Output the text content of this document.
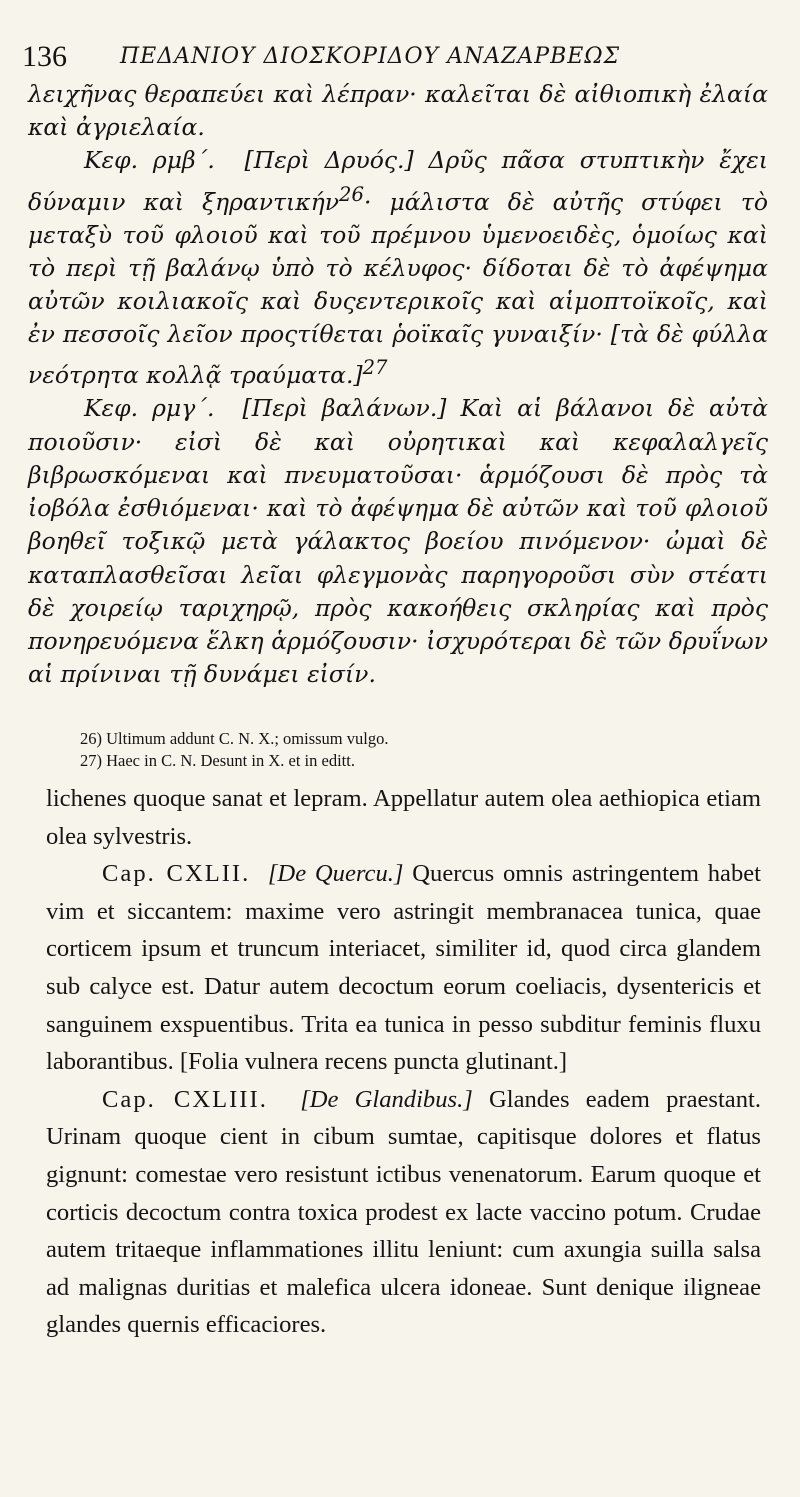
136 ΠΕΔΑΝΙΟΥ ΔΙΟΣΚΟΡΙΔΟΥ ΑΝΑΖΑΡΒΕΩΣ

λειχῆνας θεραπεύει καὶ λέπραν· καλεῖται δὲ αἰθιοπικὴ ἐλαία καὶ ἀγριελαία.

Κεφ. ρμβ΄. [Περὶ Δρυός.] Δρῦς πᾶσα στυπτικὴν ἔχει δύναμιν καὶ ξηραντικήν$^{26}$· μάλιστα δὲ αὐτῆς στύφει τὸ μεταξὺ τοῦ φλοιοῦ καὶ τοῦ πρέμνου ὑμενοειδὲς, ὁμοίως καὶ τὸ περὶ τῇ βαλάνῳ ὑπὸ τὸ κέλυφος· δίδοται δὲ τὸ ἀφέψημα αὐτῶν κοιλιακοῖς καὶ δυςεντερικοῖς καὶ αἱμοπτοϊκοῖς, καὶ ἐν πεσσοῖς λεῖον προςτίθεται ῥοϊκαῖς γυναιξίν· [τὰ δὲ φύλλα νεότρητα κολλᾷ τραύματα.]$^{27}$

Κεφ. ρμγ΄. [Περὶ βαλάνων.] Καὶ αἱ βάλανοι δὲ αὐτὰ ποιοῦσιν· εἰσὶ δὲ καὶ οὐρητικαὶ καὶ κεφαλαλγεῖς βιβρωσκόμεναι καὶ πνευματοῦσαι· ἁρμόζουσι δὲ πρὸς τὰ ἰοβόλα ἐσθιόμεναι· καὶ τὸ ἀφέψημα δὲ αὐτῶν καὶ τοῦ φλοιοῦ βοηθεῖ τοξικῷ μετὰ γάλακτος βοείου πινόμενον· ὠμαὶ δὲ καταπλασθεῖσαι λεῖαι φλεγμονὰς παρηγοροῦσι σὺν στέατι δὲ χοιρείῳ ταριχηρῷ, πρὸς κακοήθεις σκληρίας καὶ πρὸς πονηρευόμενα ἕλκη ἁρμόζουσιν· ἰσχυρότεραι δὲ τῶν δρυΐνων αἱ πρίνιναι τῇ δυνάμει εἰσίν.

26) Ultimum addunt C. N. X.; omissum vulgo.

27) Haec in C. N. Desunt in X. et in editt.

lichenes quoque sanat et lepram. Appellatur autem olea aethiopica etiam olea sylvestris.

Cap. CXLII. [De Quercu.] Quercus omnis astringentem habet vim et siccantem: maxime vero astringit membranacea tunica, quae corticem ipsum et truncum interiacet, similiter id, quod circa glandem sub calyce est. Datur autem decoctum eorum coeliacis, dysentericis et sanguinem exspuentibus. Trita ea tunica in pesso subditur feminis fluxu laborantibus. [Folia vulnera recens puncta glutinant.]

Cap. CXLIII. [De Glandibus.] Glandes eadem praestant. Urinam quoque cient in cibum sumtae, capitisque dolores et flatus gignunt: comestae vero resistunt ictibus venenatorum. Earum quoque et corticis decoctum contra toxica prodest ex lacte vaccino potum. Crudae autem tritaeque inflammationes illitu leniunt: cum axungia suilla salsa ad malignas duritias et malefica ulcera idoneae. Sunt denique iligneae glandes quernis efficaciores.
